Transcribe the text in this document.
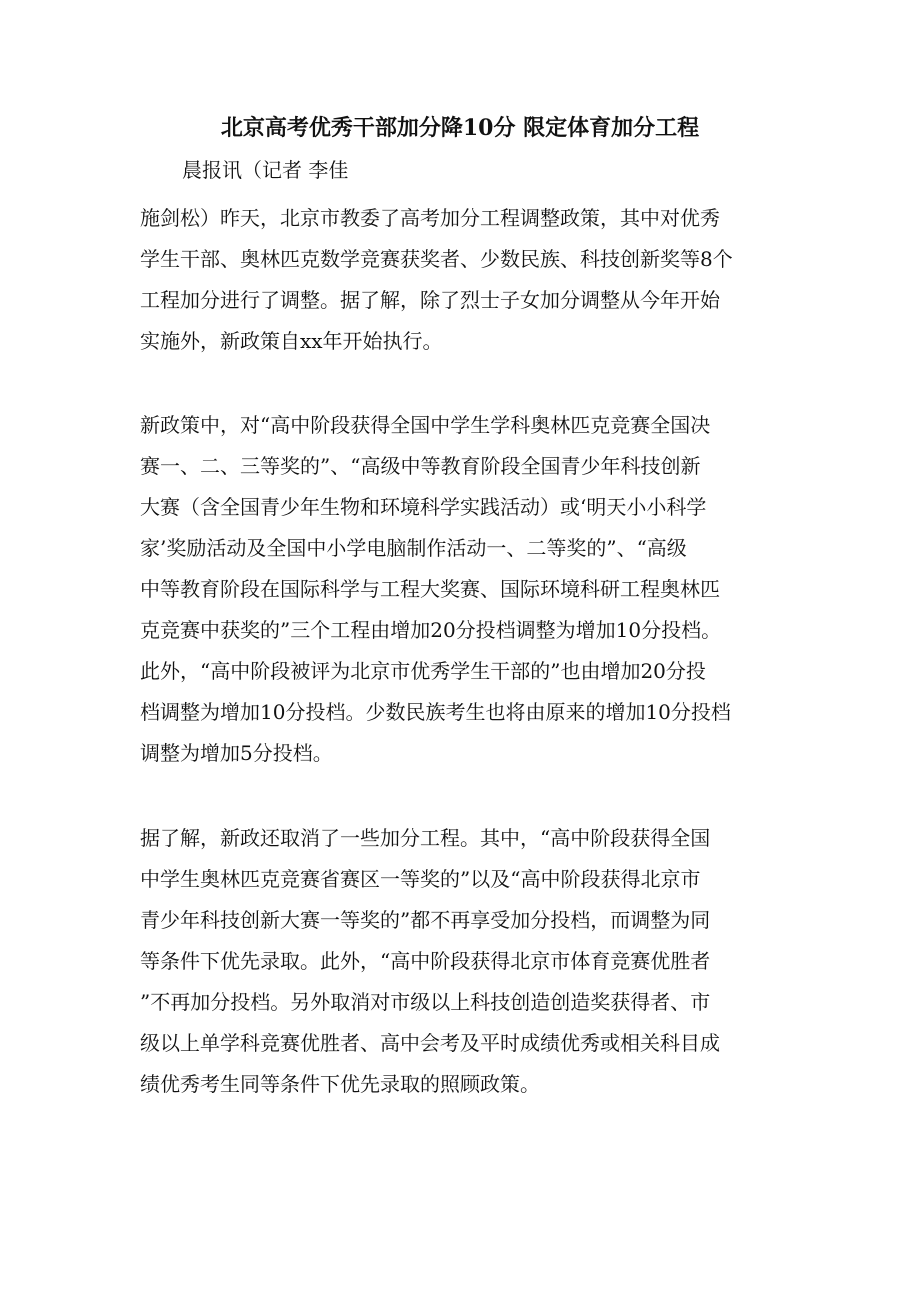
北京高考优秀干部加分降10分 限定体育加分工程
晨报讯（记者 李佳
施剑松）昨天，北京市教委了高考加分工程调整政策，其中对优秀
学生干部、奥林匹克数学竞赛获奖者、少数民族、科技创新奖等8个
工程加分进行了调整。据了解，除了烈士子女加分调整从今年开始
实施外，新政策自xx年开始执行。
新政策中，对“高中阶段获得全国中学生学科奥林匹克竞赛全国决
赛一、二、三等奖的”、“高级中等教育阶段全国青少年科技创新
大赛（含全国青少年生物和环境科学实践活动）或‘明天小小科学
家’奖励活动及全国中小学电脑制作活动一、二等奖的”、“高级
中等教育阶段在国际科学与工程大奖赛、国际环境科研工程奥林匹
克竞赛中获奖的”三个工程由增加20分投档调整为增加10分投档。
此外，“高中阶段被评为北京市优秀学生干部的”也由增加20分投
档调整为增加10分投档。少数民族考生也将由原来的增加10分投档
调整为增加5分投档。
据了解，新政还取消了一些加分工程。其中，“高中阶段获得全国
中学生奥林匹克竞赛省赛区一等奖的”以及“高中阶段获得北京市
青少年科技创新大赛一等奖的”都不再享受加分投档，而调整为同
等条件下优先录取。此外，“高中阶段获得北京市体育竞赛优胜者
”不再加分投档。另外取消对市级以上科技创造创造奖获得者、市
级以上单学科竞赛优胜者、高中会考及平时成绩优秀或相关科目成
绩优秀考生同等条件下优先录取的照顾政策。
